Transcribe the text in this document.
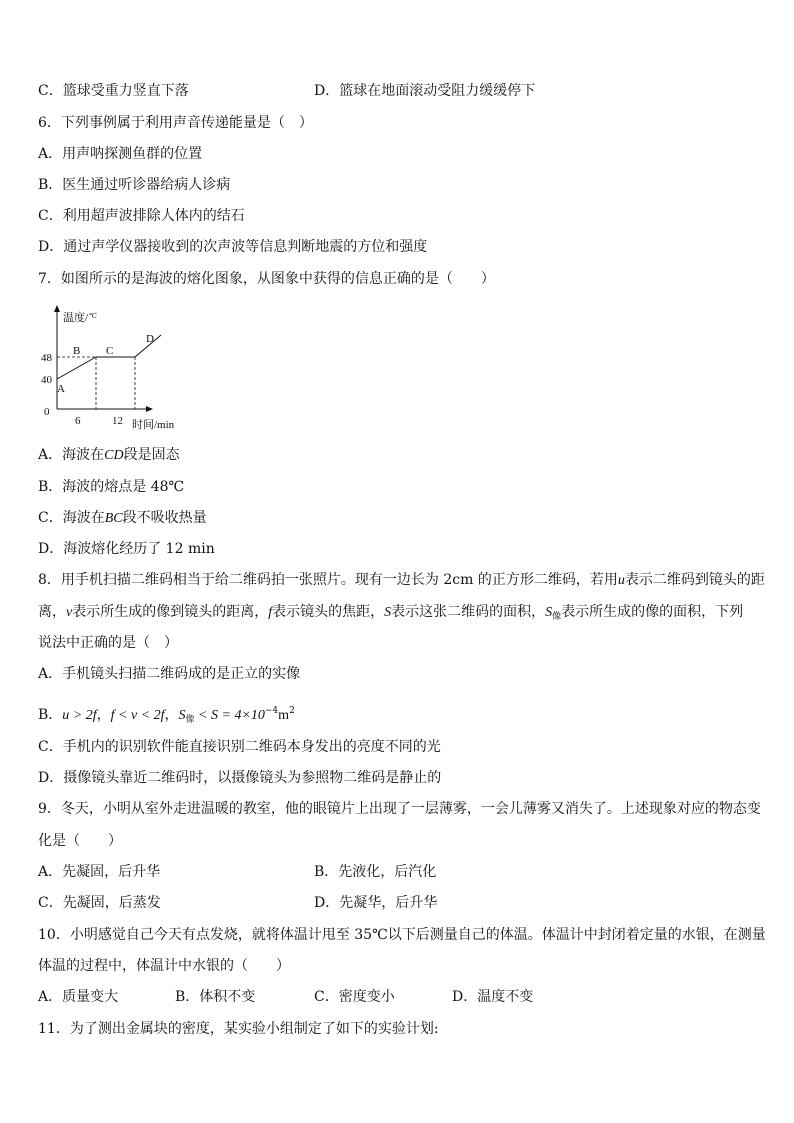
C．篮球受重力竖直下落	D．篮球在地面滚动受阻力缓缓停下
6．下列事例属于利用声音传递能量是（　）
A．用声呐探测鱼群的位置
B．医生通过听诊器给病人诊病
C．利用超声波排除人体内的结石
D．通过声学仪器接收到的次声波等信息判断地震的方位和强度
7．如图所示的是海波的熔化图象，从图象中获得的信息正确的是（　　）
温度/℃
48
40
0
6	12 时间/min
A
B C
D
A．海波在CD段是固态
B．海波的熔点是 48℃
C．海波在BC段不吸收热量
D．海波熔化经历了 12 min
8．用手机扫描二维码相当于给二维码拍一张照片。现有一边长为 2cm 的正方形二维码，若用u表示二维码到镜头的距
离，v表示所生成的像到镜头的距离，f表示镜头的焦距，S表示这张二维码的面积，$S_像$表示所生成的像的面积，下列
说法中正确的是（　）
A．手机镜头扫描二维码成的是正立的实像
B．u > 2f，f < v < 2f，$S_像 < S = 4\times 10^{-4}m^2$
C．手机内的识别软件能直接识别二维码本身发出的亮度不同的光
D．摄像镜头靠近二维码时，以摄像镜头为参照物二维码是静止的
9．冬天，小明从室外走进温暖的教室，他的眼镜片上出现了一层薄雾，一会儿薄雾又消失了。上述现象对应的物态变
化是（　　）
A．先凝固，后升华	B．先液化，后汽化
C．先凝固，后蒸发	D．先凝华，后升华
10．小明感觉自己今天有点发烧，就将体温计甩至 35℃以下后测量自己的体温。体温计中封闭着定量的水银，在测量
体温的过程中，体温计中水银的（　　）
A．质量变大	B．体积不变	C．密度变小	D．温度不变
11．为了测出金属块的密度，某实验小组制定了如下的实验计划:
